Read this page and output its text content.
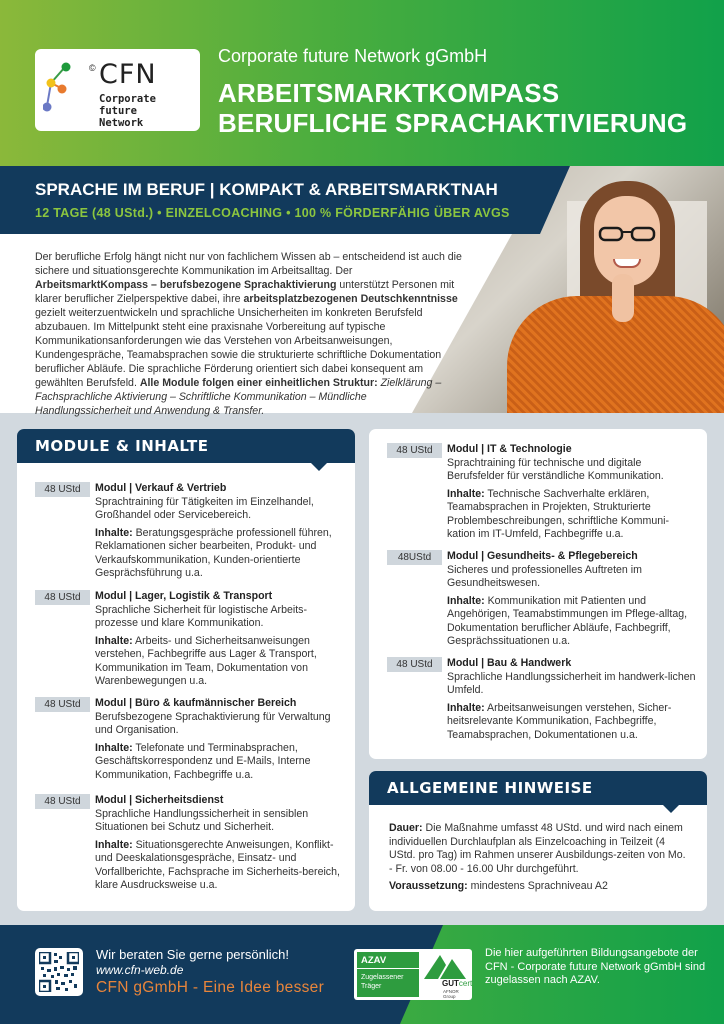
© CFN
Corporate future
Network
Corporate future Network gGmbH
ARBEITSMARKTKOMPASS
BERUFLICHE SPRACHAKTIVIERUNG
SPRACHE IM BERUF | KOMPAKT & ARBEITSMARKTNAH
12 TAGE (48 UStd.) • EINZELCOACHING • 100 % FÖRDERFÄHIG ÜBER AVGS
Der berufliche Erfolg hängt nicht nur von fachlichem Wissen ab – entscheidend ist auch die sichere und situationsgerechte Kommunikation im Arbeitsalltag. Der ArbeitsmarktKompass – berufsbezogene Sprachaktivierung unterstützt Personen mit klarer beruflicher Zielperspektive dabei, ihre arbeitsplatzbezogenen Deutschkenntnisse gezielt weiterzuentwickeln und sprachliche Unsicherheiten im konkreten Berufsfeld abzubauen. Im Mittelpunkt steht eine praxisnahe Vorbereitung auf typische Kommunikationsanforderungen wie das Verstehen von Arbeitsanweisungen, Kundengespräche, Teamabsprachen sowie die strukturierte schriftliche Dokumentation beruflicher Abläufe. Die sprachliche Förderung orientiert sich dabei konsequent am gewählten Berufsfeld. Alle Module folgen einer einheitlichen Struktur: Zielklärung – Fachsprachliche Aktivierung – Schriftliche Kommunikation – Mündliche Handlungssicherheit und Anwendung & Transfer.
MODULE & INHALTE
48 UStd	Modul | Verkauf & Vertrieb
Sprachtraining für Tätigkeiten im Einzelhandel, Großhandel oder Servicebereich.
Inhalte: Beratungsgespräche professionell führen, Reklamationen sicher bearbeiten, Produkt- und Verkaufskommunikation, Kunden-orientierte Gesprächsführung u.a.
48 UStd	Modul | Lager, Logistik & Transport
Sprachliche Sicherheit für logistische Arbeits-prozesse und klare Kommunikation.
Inhalte: Arbeits- und Sicherheitsanweisungen verstehen, Fachbegriffe aus Lager & Transport, Kommunikation im Team, Dokumentation von Warenbewegungen u.a.
48 UStd	Modul | Büro & kaufmännischer Bereich
Berufsbezogene Sprachaktivierung für Verwaltung und Organisation.
Inhalte: Telefonate und Terminabsprachen, Geschäftskorrespondenz und E-Mails, Interne Kommunikation, Fachbegriffe u.a.
48 UStd	Modul | Sicherheitsdienst
Sprachliche Handlungssicherheit in sensiblen Situationen bei Schutz und Sicherheit.
Inhalte: Situationsgerechte Anweisungen, Konflikt- und Deeskalationsgespräche, Einsatz- und Vorfallberichte, Fachsprache im Sicherheits-bereich, klare Ausdrucksweise u.a.
48 UStd	Modul | IT & Technologie
Sprachtraining für technische und digitale Berufsfelder für verständliche Kommunikation.
Inhalte: Technische Sachverhalte erklären, Teamabsprachen in Projekten, Strukturierte Problembeschreibungen, schriftliche Kommuni-kation im IT-Umfeld, Fachbegriffe u.a.
48UStd	Modul | Gesundheits- & Pflegebereich
Sicheres und professionelles Auftreten im Gesundheitswesen.
Inhalte: Kommunikation mit Patienten und Angehörigen, Teamabstimmungen im Pflege-alltag, Dokumentation beruflicher Abläufe, Fachbegriff, Gesprächssituationen u.a.
48 UStd	Modul | Bau & Handwerk
Sprachliche Handlungssicherheit im handwerk-lichen Umfeld.
Inhalte: Arbeitsanweisungen verstehen, Sicher-heitsrelevante Kommunikation, Fachbegriffe, Teamabsprachen, Dokumentationen u.a.
ALLGEMEINE HINWEISE

Dauer: Die Maßnahme umfasst 48 UStd. und wird nach einem individuellen Durchlaufplan als Einzelcoaching in Teilzeit (4 UStd. pro Tag) im Rahmen unserer Ausbildungs-zeiten von Mo. - Fr. von 08.00 - 16.00 Uhr durchgeführt.

Voraussetzung: mindestens Sprachniveau A2

Wir beraten Sie gerne persönlich!
www.cfn-web.de
CFN gGmbH - Eine Idee besser
AZAV
Zugelassener
Träger	GUTcert
AFNOR Group
Die hier aufgeführten Bildungsangebote der CFN - Corporate future Network gGmbH sind zugelassen nach AZAV.
